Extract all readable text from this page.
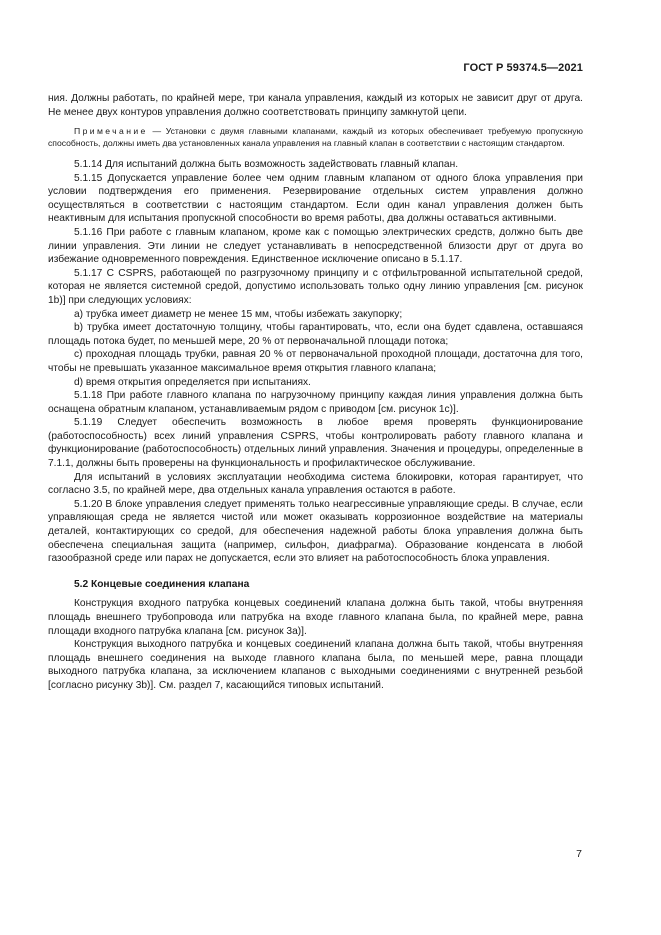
ГОСТ Р 59374.5—2021

ния. Должны работать, по крайней мере, три канала управления, каждый из которых не зависит друг от друга. Не менее двух контуров управления должно соответствовать принципу замкнутой цепи.

Примечание — Установки с двумя главными клапанами, каждый из которых обеспечивает требуемую пропускную способность, должны иметь два установленных канала управления на главный клапан в соответствии с настоящим стандартом.

5.1.14 Для испытаний должна быть возможность задействовать главный клапан.

5.1.15 Допускается управление более чем одним главным клапаном от одного блока управления при условии подтверждения его применения. Резервирование отдельных систем управления должно осуществляться в соответствии с настоящим стандартом. Если один канал управления должен быть неактивным для испытания пропускной способности во время работы, два должны оставаться активными.

5.1.16 При работе с главным клапаном, кроме как с помощью электрических средств, должно быть две линии управления. Эти линии не следует устанавливать в непосредственной близости друг от друга во избежание одновременного повреждения. Единственное исключение описано в 5.1.17.

5.1.17 С CSPRS, работающей по разгрузочному принципу и с отфильтрованной испытательной средой, которая не является системной средой, допустимо использовать только одну линию управления [см. рисунок 1b)] при следующих условиях:

a) трубка имеет диаметр не менее 15 мм, чтобы избежать закупорку;

b) трубка имеет достаточную толщину, чтобы гарантировать, что, если она будет сдавлена, оставшаяся площадь потока будет, по меньшей мере, 20 % от первоначальной площади потока;

c) проходная площадь трубки, равная 20 % от первоначальной проходной площади, достаточна для того, чтобы не превышать указанное максимальное время открытия главного клапана;

d) время открытия определяется при испытаниях.

5.1.18 При работе главного клапана по нагрузочному принципу каждая линия управления должна быть оснащена обратным клапаном, устанавливаемым рядом с приводом [см. рисунок 1с)].

5.1.19 Следует обеспечить возможность в любое время проверять функционирование (работоспособность) всех линий управления CSPRS, чтобы контролировать работу главного клапана и функционирование (работоспособность) отдельных линий управления. Значения и процедуры, определенные в 7.1.1, должны быть проверены на функциональность и профилактическое обслуживание.

Для испытаний в условиях эксплуатации необходима система блокировки, которая гарантирует, что согласно 3.5, по крайней мере, два отдельных канала управления остаются в работе.

5.1.20 В блоке управления следует применять только неагрессивные управляющие среды. В случае, если управляющая среда не является чистой или может оказывать коррозионное воздействие на материалы деталей, контактирующих со средой, для обеспечения надежной работы блока управления должна быть обеспечена специальная защита (например, сильфон, диафрагма). Образование конденсата в любой газообразной среде или парах не допускается, если это влияет на работоспособность блока управления.

5.2 Концевые соединения клапана

Конструкция входного патрубка концевых соединений клапана должна быть такой, чтобы внутренняя площадь внешнего трубопровода или патрубка на входе главного клапана была, по крайней мере, равна площади входного патрубка клапана [см. рисунок 3а)].

Конструкция выходного патрубка и концевых соединений клапана должна быть такой, чтобы внутренняя площадь внешнего соединения на выходе главного клапана была, по меньшей мере, равна площади выходного патрубка клапана, за исключением клапанов с выходными соединениями с внутренней резьбой [согласно рисунку 3b)]. См. раздел 7, касающийся типовых испытаний.

7
